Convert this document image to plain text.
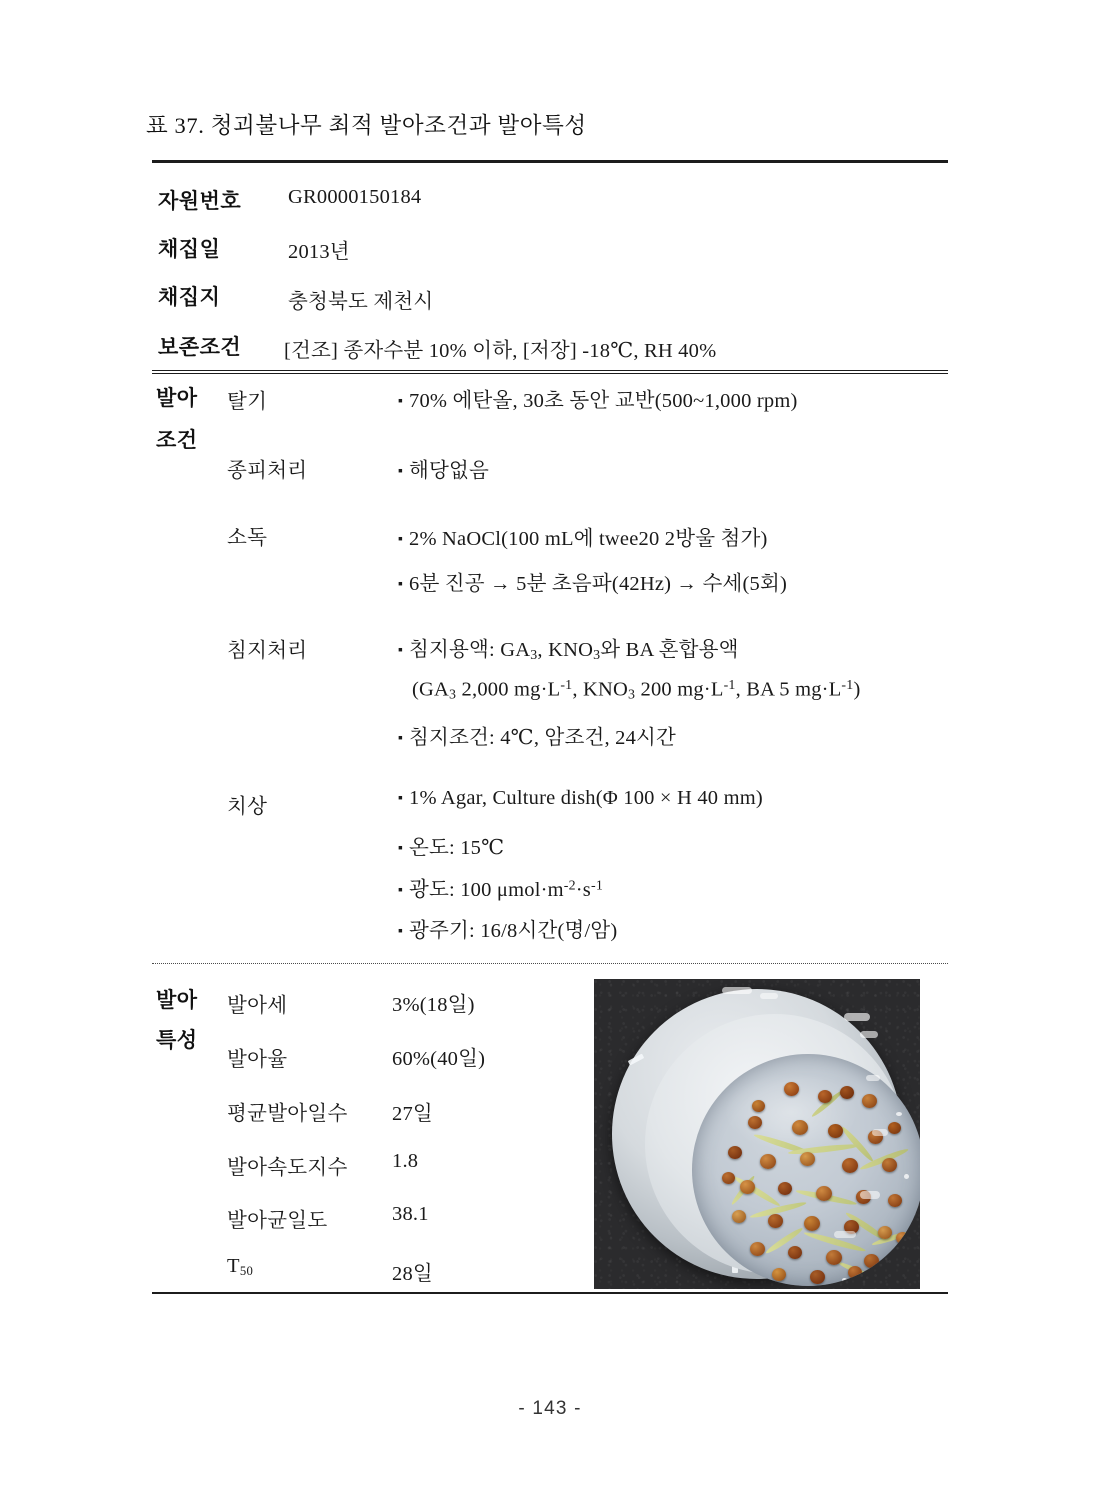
표 37. 청괴불나무 최적 발아조건과 발아특성
자원번호 GR0000150184
채집일	2013년
채집지	충청북도 제천시
보존조건 [건조] 종자수분 10% 이하, [저장] -18℃, RH 40%
발아
조건
탈기	▪ 70% 에탄올, 30초 동안 교반(500~1,000 rpm)
종피처리	▪ 해당없음
소독	▪ 2% NaOCl(100 mL에 twee20 2방울 첨가)
▪ 6분 진공 → 5분 초음파(42Hz) → 수세(5회)
침지처리	▪ 침지용액: $GA_3$, $KNO_3$와 BA 혼합용액
($GA_3$ 2,000 $mg\cdot L^{-1}$, $KNO_3$ 200 $mg\cdot L^{-1}$, BA 5 $mg\cdot L^{-1}$)
▪ 침지조건: 4℃, 암조건, 24시간
치상	▪ 1% Agar, Culture dish(Φ 100 × H 40 mm)
▪ 온도: 15℃
▪ 광도: 100 $\mu mol\cdot m^{-2}\cdot s^{-1}$
▪ 광주기: 16/8시간(명/암)
발아
특성
발아세	3%(18일)
발아율	60%(40일)
평균발아일수 27일
발아속도지수 1.8
발아균일도	38.1
$T_{50}$	28일
- 143 -
